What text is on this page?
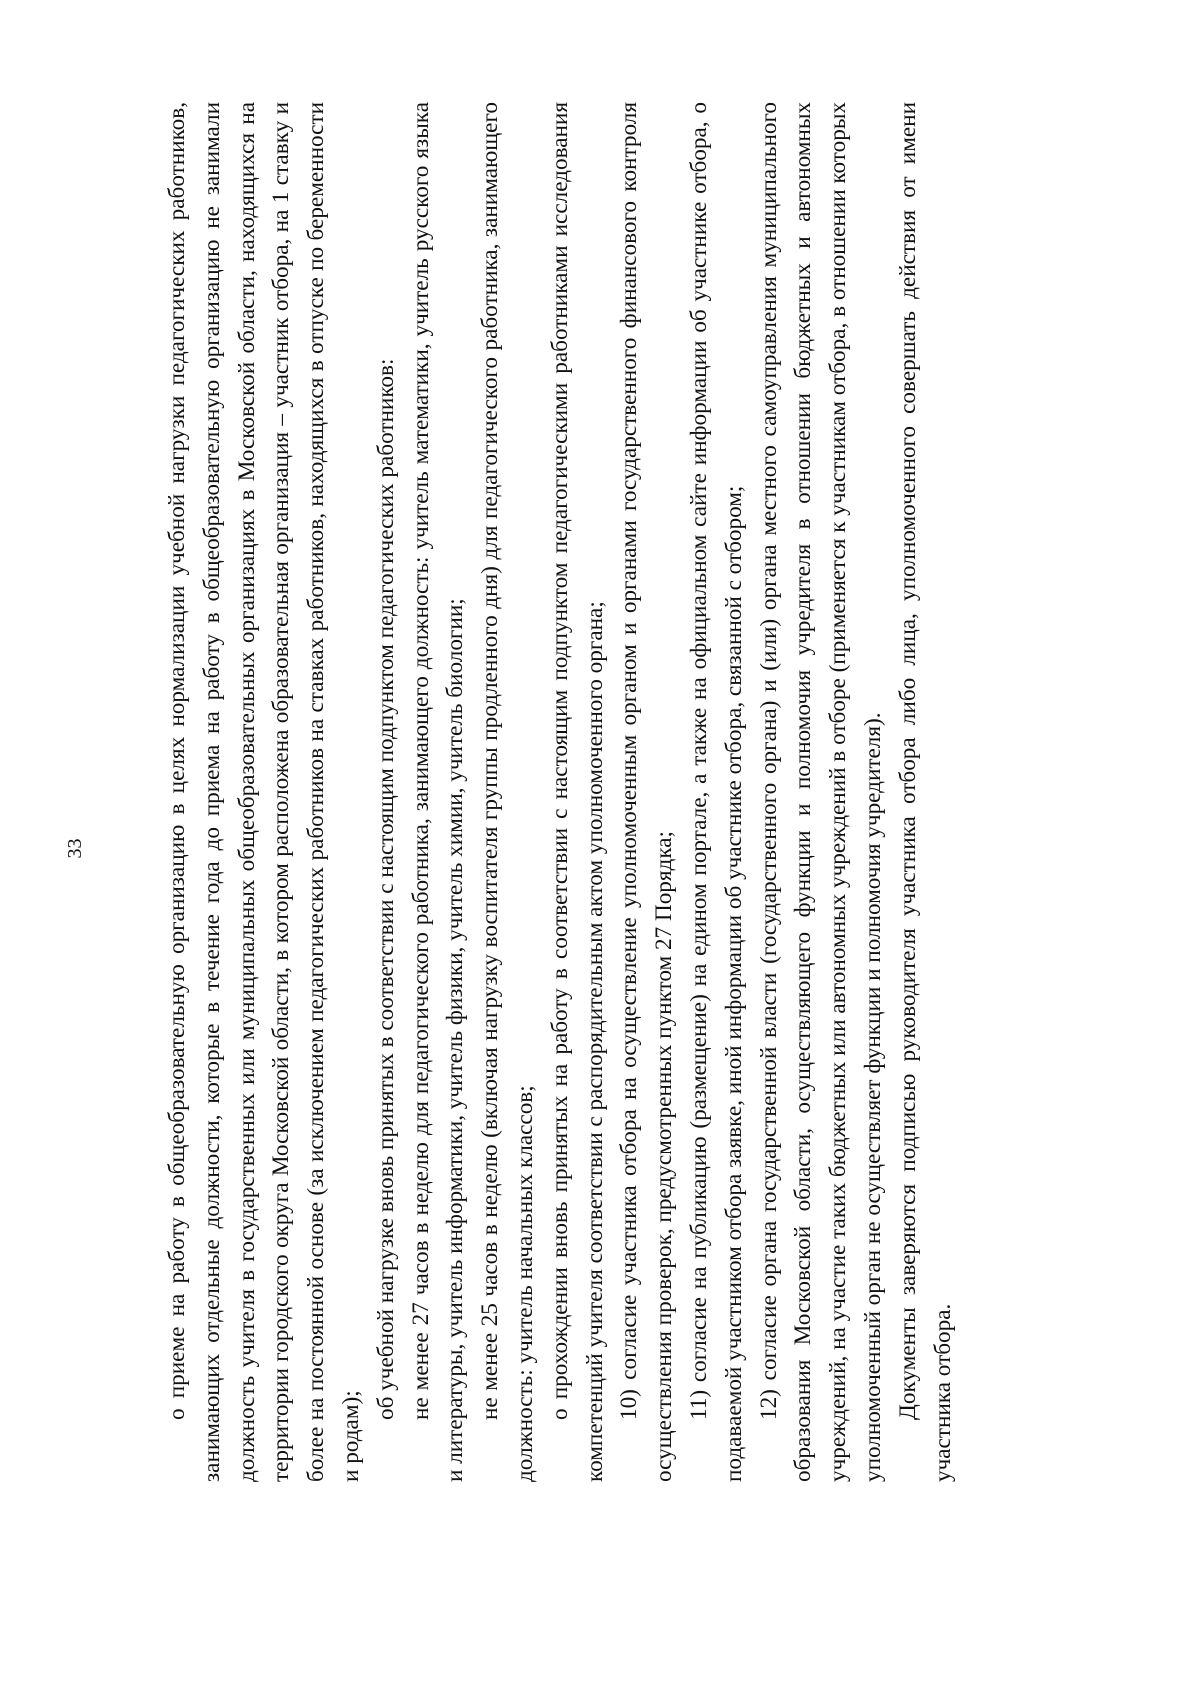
33	о приеме на работу в общеобразовательную организацию в целях нормализации учебной нагрузки педагогических работников, занимающих отдельные должности, которые в течение года до приема на работу в общеобразовательную организацию не занимали должность учителя в государственных или муниципальных общеобразовательных организациях в Московской области, находящихся на территории городского округа Московской области, в котором расположена образовательная организация – участник отбора, на 1 ставку и более на постоянной основе (за исключением педагогических работников на ставках работников, находящихся в отпуске по беременности и родам);

об учебной нагрузке вновь принятых в соответствии с настоящим подпунктом педагогических работников: не менее 27 часов в неделю для педагогического работника, занимающего должность: учитель математики, учитель русского языка и литературы, учитель информатики, учитель физики, учитель химии, учитель биологии; не менее 25 часов в неделю (включая нагрузку воспитателя группы продленного дня) для педагогического работника, занимающего должность: учитель начальных классов; о прохождении вновь принятых на работу в соответствии с настоящим подпунктом педагогическими работниками исследования компетенций учителя соответствии с распорядительным актом уполномоченного органа; 10) согласие участника отбора на осуществление уполномоченным органом и органами государственного финансового контроля осуществления проверок, предусмотренных пунктом 27 Порядка; 11) согласие на публикацию (размещение) на едином портале, а также на официальном сайте информации об участнике отбора, о подаваемой участником отбора заявке, иной информации об участнике отбора, связанной с отбором; 12) согласие органа государственной власти (государственного органа) и (или) органа местного самоуправления муниципального образования Московской области, осуществляющего функции и полномочия учредителя в отношении бюджетных и автономных учреждений, на участие таких бюджетных или автономных учреждений в отборе (применяется к участникам отбора, в отношении которых уполномоченный орган не осуществляет функции и полномочия учредителя). Документы заверяются подписью руководителя участника отбора либо лица, уполномоченного совершать действия от имени участника отбора.
